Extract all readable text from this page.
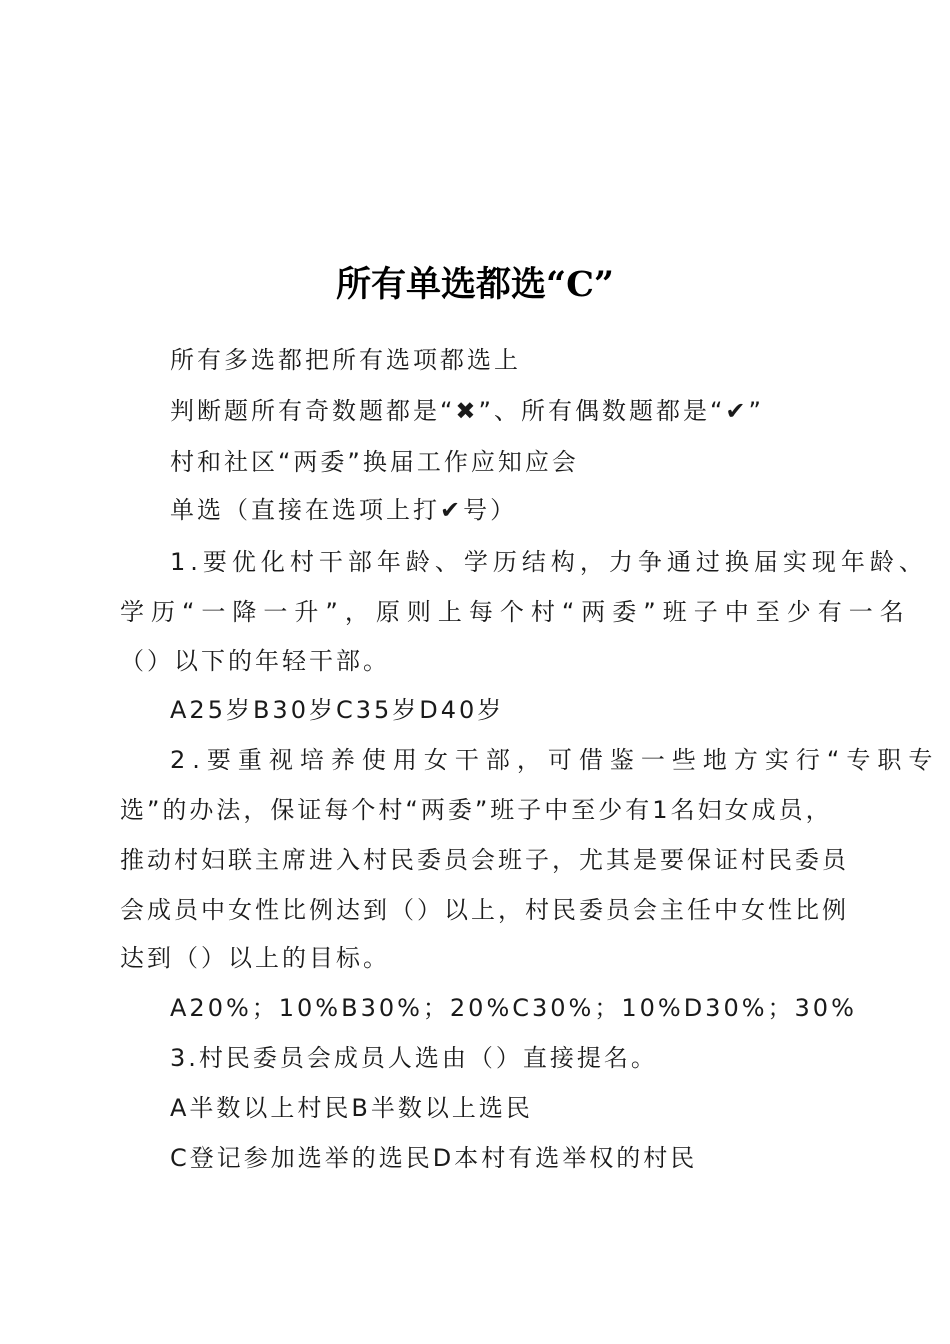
所有单选都选“C”
所有多选都把所有选项都选上
判断题所有奇数题都是“✖”、所有偶数题都是“✔”
村和社区“两委”换届工作应知应会
单选（直接在选项上打✔号）
1.要优化村干部年龄、学历结构，力争通过换届实现年龄、
学历“一降一升”，原则上每个村“两委”班子中至少有一名
（）以下的年轻干部。
A25岁B30岁C35岁D40岁
2.要重视培养使用女干部，可借鉴一些地方实行“专职专
选”的办法，保证每个村“两委”班子中至少有1名妇女成员，
推动村妇联主席进入村民委员会班子，尤其是要保证村民委员
会成员中女性比例达到（）以上，村民委员会主任中女性比例
达到（）以上的目标。
A20%；10%B30%；20%C30%；10%D30%；30%
3.村民委员会成员人选由（）直接提名。
A半数以上村民B半数以上选民
C登记参加选举的选民D本村有选举权的村民
